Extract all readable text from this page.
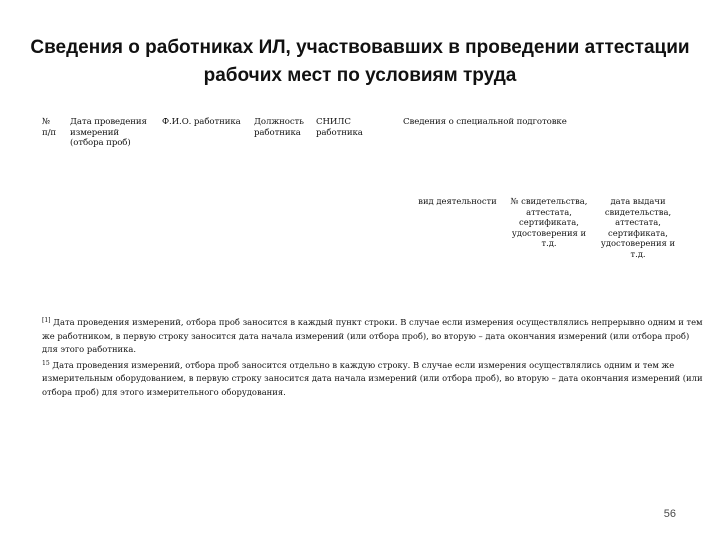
Сведения о работниках ИЛ, участвовавших в проведении аттестации рабочих мест по условиям труда
№
п/п
Дата проведения
измерений
(отбора проб)
Ф.И.О. работника Должность
работника
СНИЛС
работника
Сведения о специальной подготовке
вид деятельности	№ свидетельства,
аттестата,
сертификата,
удостоверения и
т.д.
дата выдачи
свидетельства,
аттестата,
сертификата,
удостоверения и
т.д.

[1] Дата проведения измерений, отбора проб заносится в каждый пункт строки. В случае если измерения осуществлялись непрерывно одним и тем же работником, в первую строку заносится дата начала измерений (или отбора проб), во вторую – дата окончания измерений (или отбора проб) для этого работника.

$^{15}$ Дата проведения измерений, отбора проб заносится отдельно в каждую строку. В случае если измерения осуществлялись одним и тем же измерительным оборудованием, в первую строку заносится дата начала измерений (или отбора проб), во вторую – дата окончания измерений (или отбора проб) для этого измерительного оборудования.

56
